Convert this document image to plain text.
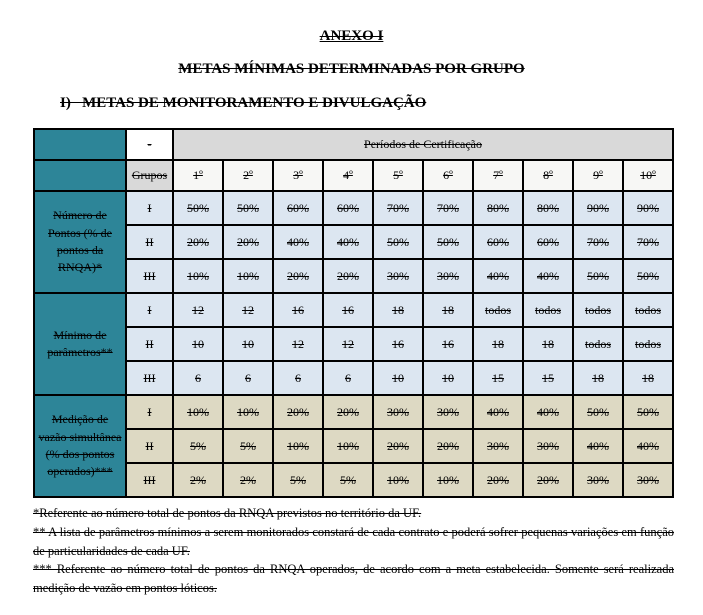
ANEXO I
METAS MÍNIMAS DETERMINADAS POR GRUPO
I)   METAS DE MONITORAMENTO E DIVULGAÇÃO
	-	Períodos de Certificação									
	Grupos	1º	2º	3º	4º	5º	6º	7º	8º	9º	10º
Número de Pontos (% de pontos da RNQA)*	I	50%	50%	60%	60%	70%	70%	80%	80%	90%	90%
	II	20%	20%	40%	40%	50%	50%	60%	60%	70%	70%
	III	10%	10%	20%	20%	30%	30%	40%	40%	50%	50%
Mínimo de parâmetros**	I	12	12	16	16	18	18	todos	todos	todos	todos
	II	10	10	12	12	16	16	18	18	todos	todos
	III	6	6	6	6	10	10	15	15	18	18
Medição de vazão simultânea (% dos pontos operados)***	I	10%	10%	20%	20%	30%	30%	40%	40%	50%	50%
	II	5%	5%	10%	10%	20%	20%	30%	30%	40%	40%
	III	2%	2%	5%	5%	10%	10%	20%	20%	30%	30%

*Referente ao número total de pontos da RNQA previstos no território da UF.

** A lista de parâmetros mínimos a serem monitorados constará de cada contrato e poderá sofrer pequenas variações em função de particularidades de cada UF.

*** Referente ao número total de pontos da RNQA operados, de acordo com a meta estabelecida. Somente será realizada medição de vazão em pontos lóticos.
